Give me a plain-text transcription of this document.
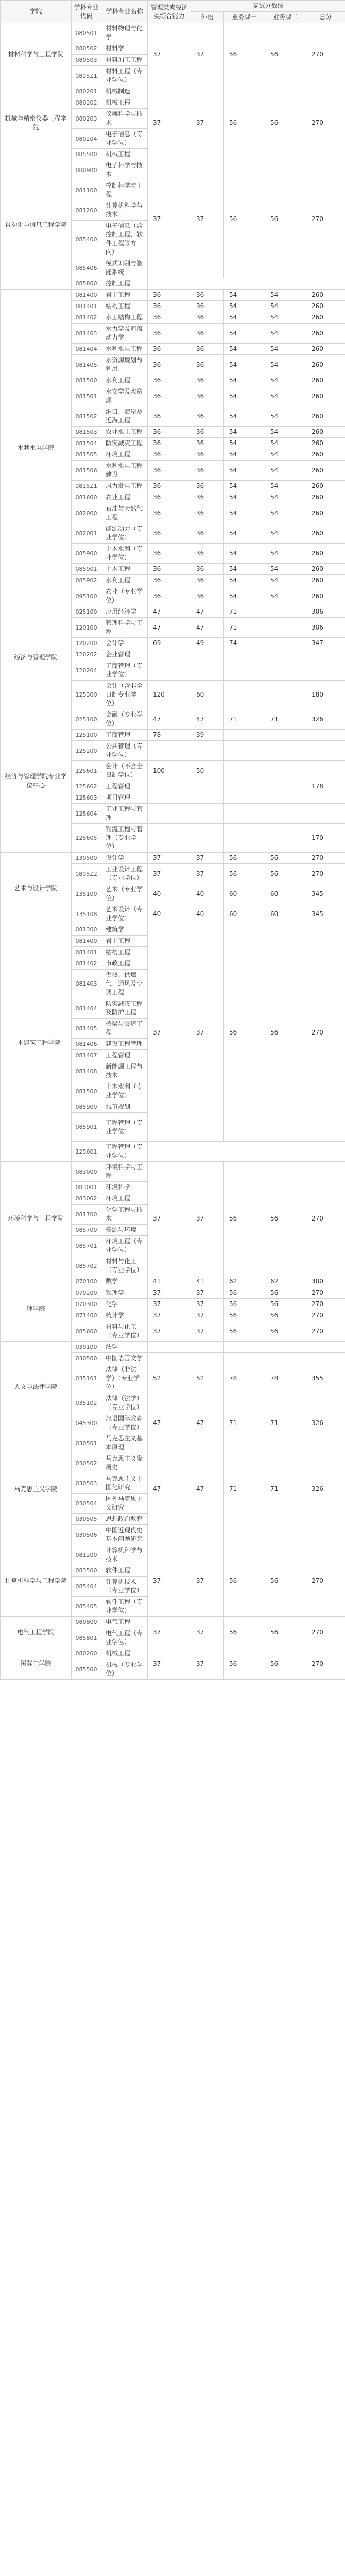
学院	学科专业代码	学科专业名称	管理类或经济类综合能力	复试分数线				
				外语	业务课一	业务课二	总分	
材料科学与工程学院	080501	材料物理与化学	37	37	56	56	270	
	080502	材料学						
	080503	材料加工工程						
	0805Z1	材料工程（专业学位）						
机械与精密仪器工程学院	080201	机械制造	37	37	56	56	270	
	080202	机械工程						
	080203	仪器科学与技术						
	080204	电子信息（专业学位）						
	085500	机械工程						
自动化与信息工程学院	080900	电子科学与技术	37	37	56	56	270	
	081100	控制科学与工程						
	081200	计算机科学与技术						
	085400	电子信息（含控制工程、软件工程等方向）					
	085406	模式识别与智能系统						
	085800	控制工程						
水利水电学院	081400	岩土工程	36	36	54	54	260	
	081401	结构工程	36	36	54	54	260	
	081402	水工结构工程	36	36	54	54	260	
	081403	水力学及河流动力学	36	36	54	54	260	
	081404	水利水电工程	36	36	54	54	260	
	081405	水资源规划与利用	36	36	54	54	260	
	081500	水利工程	36	36	54	54	260	
	081501	水文学及水资源	36	36	54	54	260	
	081502	港口、海岸及近海工程	36	36	54	54	260	
	081503	农业水土工程	36	36	54	54	260	
	081504	防灾减灾工程	36	36	54	54	260	
	081505	环境工程	36	36	54	54	260	
	081506	水利水电工程建设	36	36	54	54	260	
	0815Z1	风力发电工程	36	36	54	54	260	
	081600	农业工程	36	36	54	54	260	
	082000	石油与天然气工程	36	36	54	54	260	
	082001	能源动力（专业学位）	36	36	54	54	260	
	085900	土木水利（专业学位）	36	36	54	54	260	
	085901	土木工程	36	36	54	54	260	
	085902	水利工程	36	36	54	54	260	
	095100	农业（专业学位）	36	36	54	54	260	
经济与管理学院	025100	应用经济学	47	47	71		306	
	120100	管理科学与工程	47	47	71		306	
	120200	会计学	69	49	74		347	
	120202	企业管理						
	120204	工商管理（专业学位）						
	125300	会计（含非全日制专业学位）	120	60			180	
经济与管理学院专业学位中心	025100	金融（专业学位）	47	47	71	71	326	
	125100	工商管理	78	39				
	125200	公共管理（专业学位）						
	125601	会计（不含全日制学位）	100	50				
	125602	工程管理					178	
	125603	项目管理						
	125604	工业工程与管理						
	125605	物流工程与管理（专业学位）					170	
艺术与设计学院	130500	设计学	37	37	56	56	270	
	0805Z2	工业设计工程（专业学位）	37	37	56	56	270	
	135100	艺术（专业学位）	40	40	60	60	345	
	135108	艺术设计（专业学位）	40	40	60	60	345	
土木建筑工程学院	081300	建筑学	37	37	56	56	270	
	081400	岩土工程						
	081401	结构工程						
	081402	市政工程						
	081403	供热、供燃气、通风及空调工程						
	081404	防灾减灾工程及防护工程						
	081405	桥梁与隧道工程						
	081406	建设工程管理						
	081407	工程管理						
	081408	新能源工程与技术						
	081500	土木水利（专业学位）						
	085900	城市规划						
	085901	工程管理（专业学位）					
	125601	工程管理（专业学位）						
环境科学与工程学院	083000	环境科学与工程	37	37	56	56	270	
	083001	环境科学						
	083002	环境工程						
	081700	化学工程与技术						
	085700	资源与环境						
	085701	环境工程（专业学位）						
	085702	材料与化工（专业学位）						
理学院	070100	数学	41	41	62	62	300	
	070200	物理学	37	37	56	56	270	
	070300	化学	37	37	56	56	270	
	071400	统计学	37	37	56	56	270	
	085600	材料与化工（专业学位）	37	37	56	56	270	
人文与法律学院	030100	法学						
	030500	中国语言文学						
	035101	法律（非法学）（专业学位）	52	52	78	78	355	
	035102	法律（法学）（专业学位）						
	045300	汉语国际教育（专业学位）	47	47	71	71	326	
马克思主义学院	030501	马克思主义基本原理	47	47	71	71	326	
	030502	马克思主义发展史						
	030503	马克思主义中国化研究						
	030504	国外马克思主义研究						
	030505	思想政治教育						
	030506	中国近现代史基本问题研究						
计算机科学与工程学院	081200	计算机科学与技术	37	37	56	56	270	
	083500	软件工程						
	085404	计算机技术（专业学位）						
	085405	软件工程（专业学位）						
电气工程学院	080800	电气工程	37	37	56	56	270	
	085801	电气工程（专业学位）						
国际工学院	080200	机械工程	37	37	56	56	270	
	085500	机械（专业学位）						
